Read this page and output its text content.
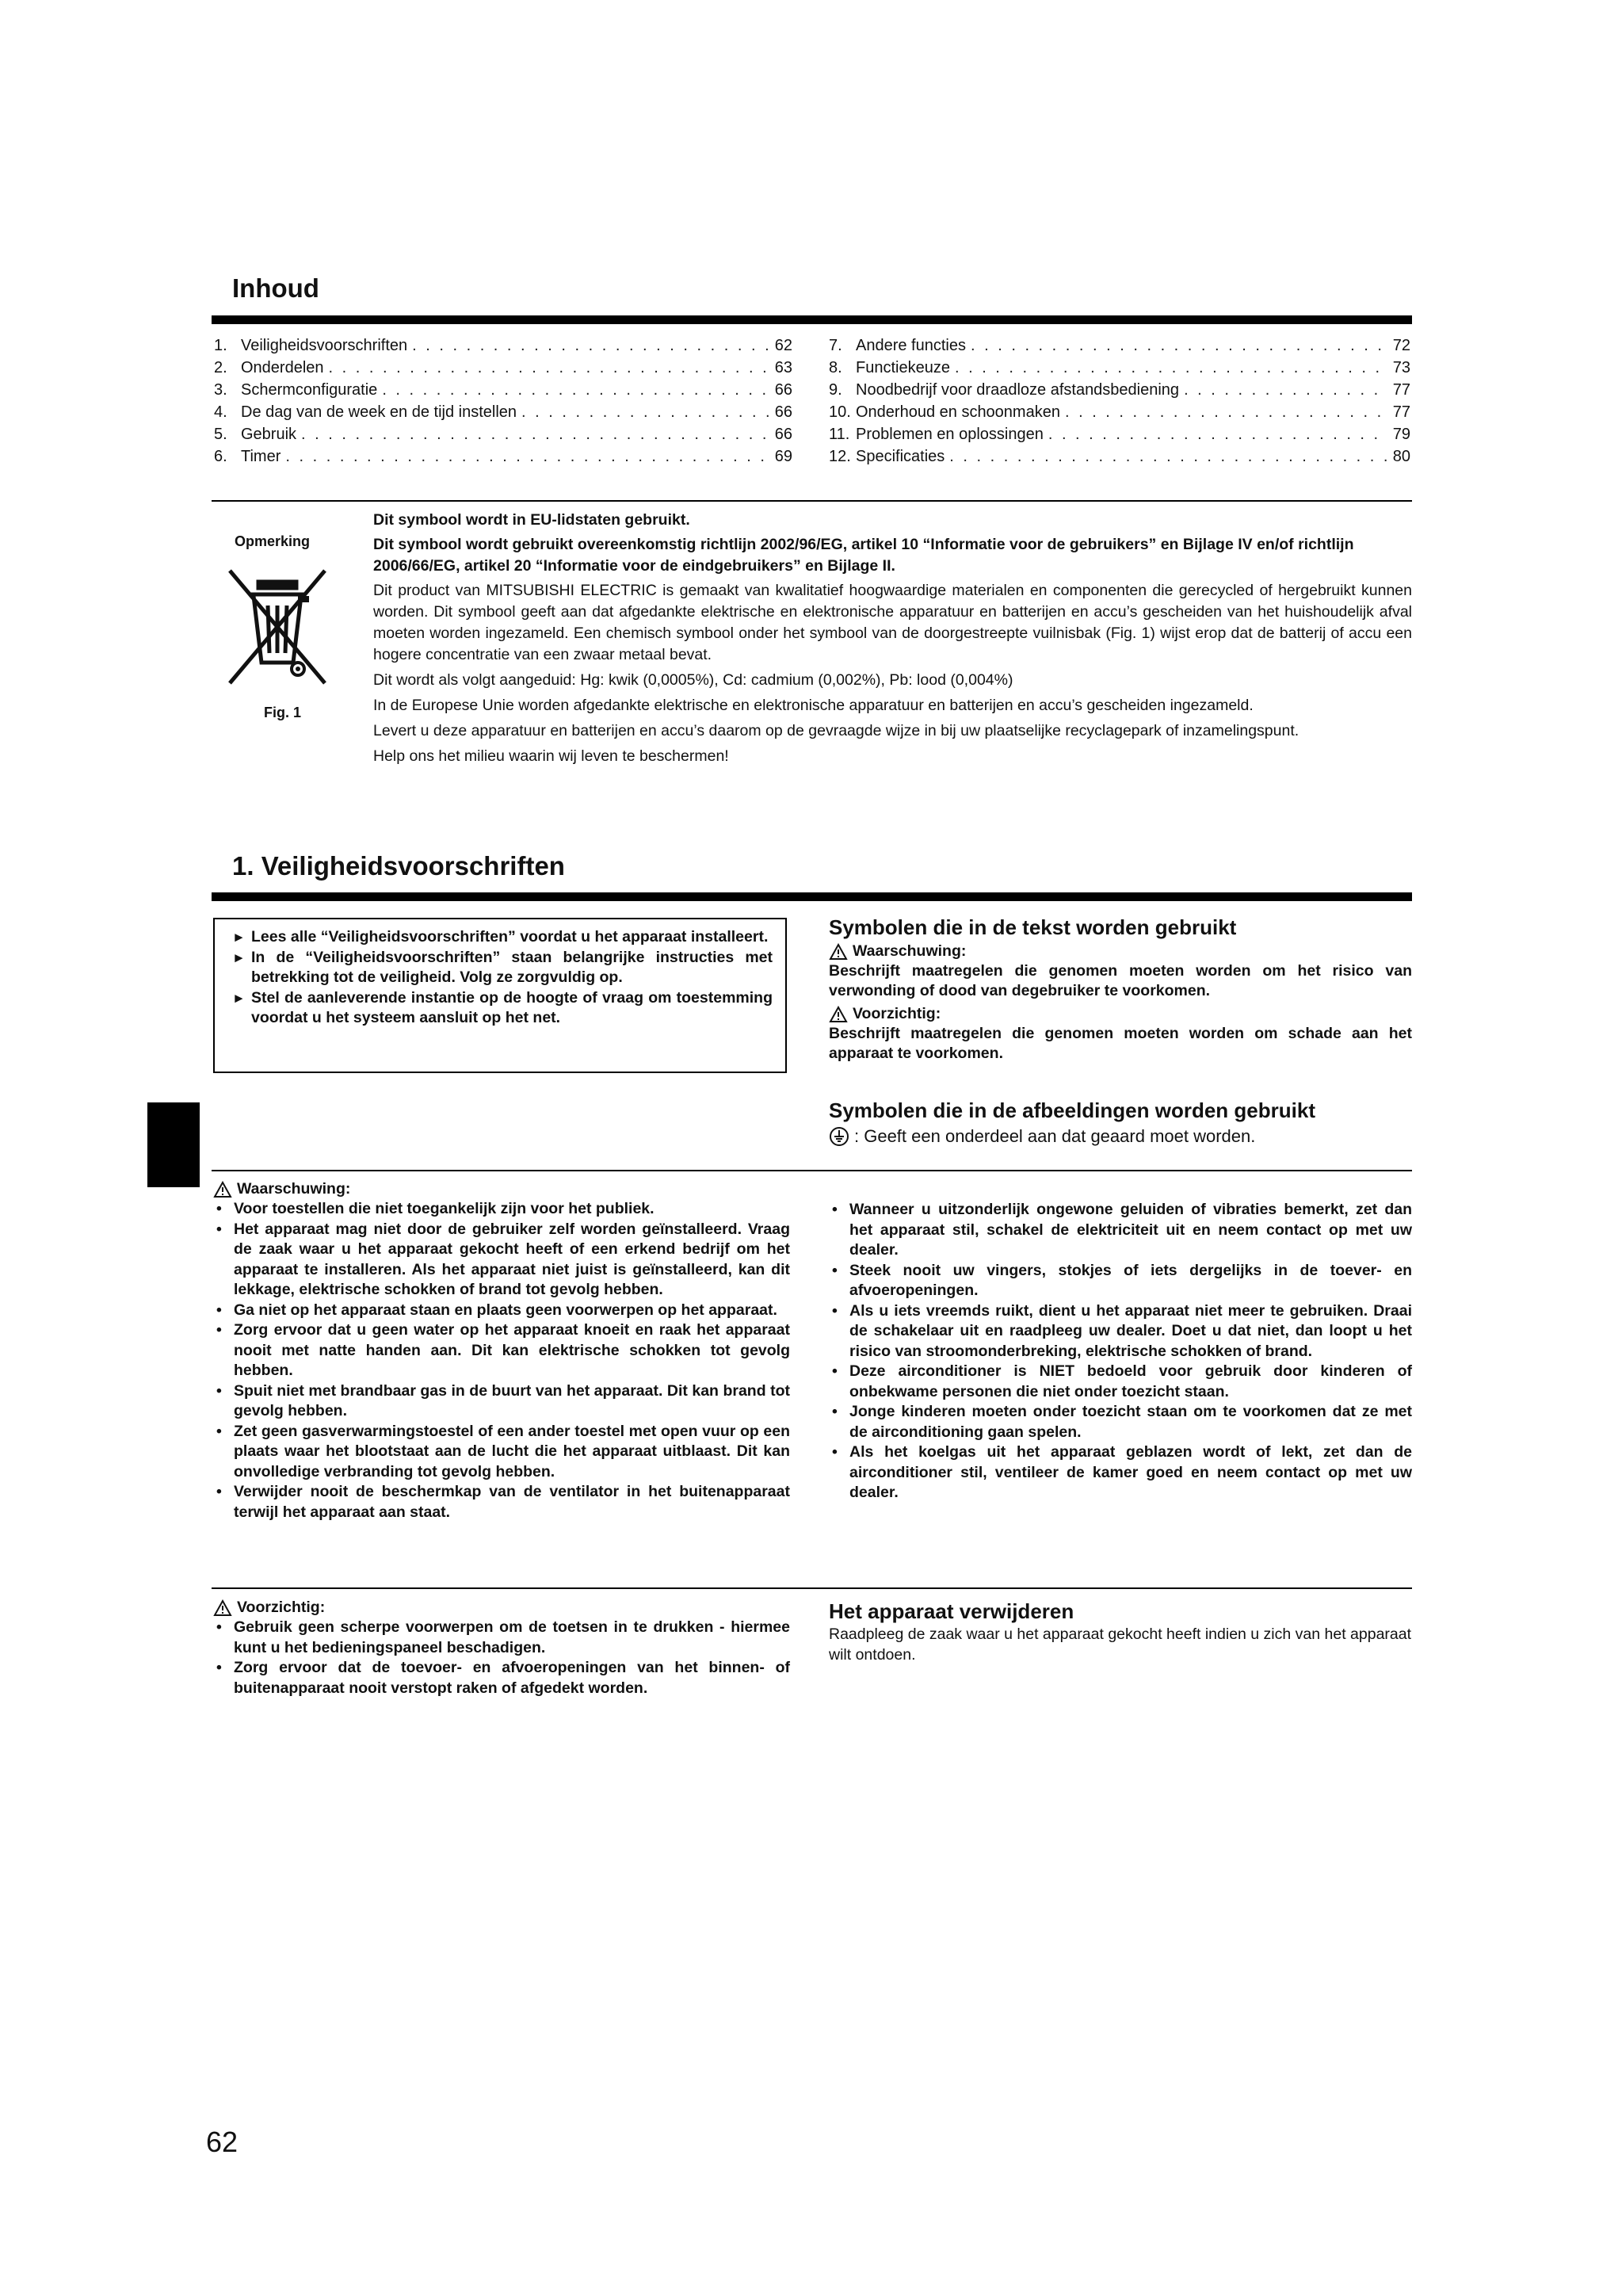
Inhoud
1. Veiligheidsvoorschriften . . .	62
2. Onderdelen . . .	63
3. Schermconfiguratie . . .	66
4. De dag van de week en de tijd instellen . . .	66
5. Gebruik . . .	66
6. Timer . . .	69
7. Andere functies . . .	72
8. Functiekeuze . . .	73
9. Noodbedrijf voor draadloze afstandsbediening . . .	77
10. Onderhoud en schoonmaken . . .	77
11. Problemen en oplossingen . . .	79
12. Specificaties . . .	80
Opmerking
Fig. 1

Dit symbool wordt in EU-lidstaten gebruikt.

Dit symbool wordt gebruikt overeenkomstig richtlijn 2002/96/EG, artikel 10 “Informatie voor de gebruikers” en Bijlage IV en/of richtlijn 2006/66/EG, artikel 20 “Informatie voor de eindgebruikers” en Bijlage II.

Dit product van MITSUBISHI ELECTRIC is gemaakt van kwalitatief hoogwaardige materialen en componenten die gerecycled of hergebruikt kunnen worden. Dit symbool geeft aan dat afgedankte elektrische en elektronische apparatuur en batterijen en accu’s gescheiden van het huishoudelijk afval moeten worden ingezameld. Een chemisch symbool onder het symbool van de doorgestreepte vuilnisbak (Fig. 1) wijst erop dat de batterij of accu een hogere concentratie van een zwaar metaal bevat.

Dit wordt als volgt aangeduid: Hg: kwik (0,0005%), Cd: cadmium (0,002%), Pb: lood (0,004%)

In de Europese Unie worden afgedankte elektrische en elektronische apparatuur en batterijen en accu’s gescheiden ingezameld.

Levert u deze apparatuur en batterijen en accu’s daarom op de gevraagde wijze in bij uw plaatselijke recyclagepark of inzamelingspunt.

Help ons het milieu waarin wij leven te beschermen!

1. Veiligheidsvoorschriften
► Lees alle “Veiligheidsvoorschriften” voordat u het apparaat installeert.
► In de “Veiligheidsvoorschriften” staan belangrijke instructies met betrekking tot de veiligheid. Volg ze zorgvuldig op.
► Stel de aanleverende instantie op de hoogte of vraag om toestemming voordat u het systeem aansluit op het net.
Symbolen die in de tekst worden gebruikt
Waarschuwing:
Beschrijft maatregelen die genomen moeten worden om het risico van verwonding of dood van degebruiker te voorkomen.
Voorzichtig:
Beschrijft maatregelen die genomen moeten worden om schade aan het apparaat te voorkomen.
Symbolen die in de afbeeldingen worden gebruikt
: Geeft een onderdeel aan dat geaard moet worden.
Waarschuwing:
• Voor toestellen die niet toegankelijk zijn voor het publiek.
• Het apparaat mag niet door de gebruiker zelf worden geïnstalleerd. Vraag de zaak waar u het apparaat gekocht heeft of een erkend bedrijf om het apparaat te installeren. Als het apparaat niet juist is geïnstalleerd, kan dit lekkage, elektrische schokken of brand tot gevolg hebben.
• Ga niet op het apparaat staan en plaats geen voorwerpen op het apparaat.
• Zorg ervoor dat u geen water op het apparaat knoeit en raak het apparaat nooit met natte handen aan. Dit kan elektrische schokken tot gevolg hebben.
• Spuit niet met brandbaar gas in de buurt van het apparaat. Dit kan brand tot gevolg hebben.
• Zet geen gasverwarmingstoestel of een ander toestel met open vuur op een plaats waar het blootstaat aan de lucht die het apparaat uitblaast. Dit kan onvolledige verbranding tot gevolg hebben.
• Verwijder nooit de beschermkap van de ventilator in het buitenapparaat terwijl het apparaat aan staat.
• Wanneer u uitzonderlijk ongewone geluiden of vibraties bemerkt, zet dan het apparaat stil, schakel de elektriciteit uit en neem contact op met uw dealer.
• Steek nooit uw vingers, stokjes of iets dergelijks in de toever- en afvoeropeningen.
• Als u iets vreemds ruikt, dient u het apparaat niet meer te gebruiken. Draai de schakelaar uit en raadpleeg uw dealer. Doet u dat niet, dan loopt u het risico van stroomonderbreking, elektrische schokken of brand.
• Deze airconditioner is NIET bedoeld voor gebruik door kinderen of onbekwame personen die niet onder toezicht staan.
• Jonge kinderen moeten onder toezicht staan om te voorkomen dat ze met de airconditioning gaan spelen.
• Als het koelgas uit het apparaat geblazen wordt of lekt, zet dan de airconditioner stil, ventileer de kamer goed en neem contact op met uw dealer.
Voorzichtig:
• Gebruik geen scherpe voorwerpen om de toetsen in te drukken - hiermee kunt u het bedieningspaneel beschadigen.
• Zorg ervoor dat de toevoer- en afvoeropeningen van het binnen- of buitenapparaat nooit verstopt raken of afgedekt worden.
Het apparaat verwijderen
Raadpleeg de zaak waar u het apparaat gekocht heeft indien u zich van het apparaat wilt ontdoen.
62
